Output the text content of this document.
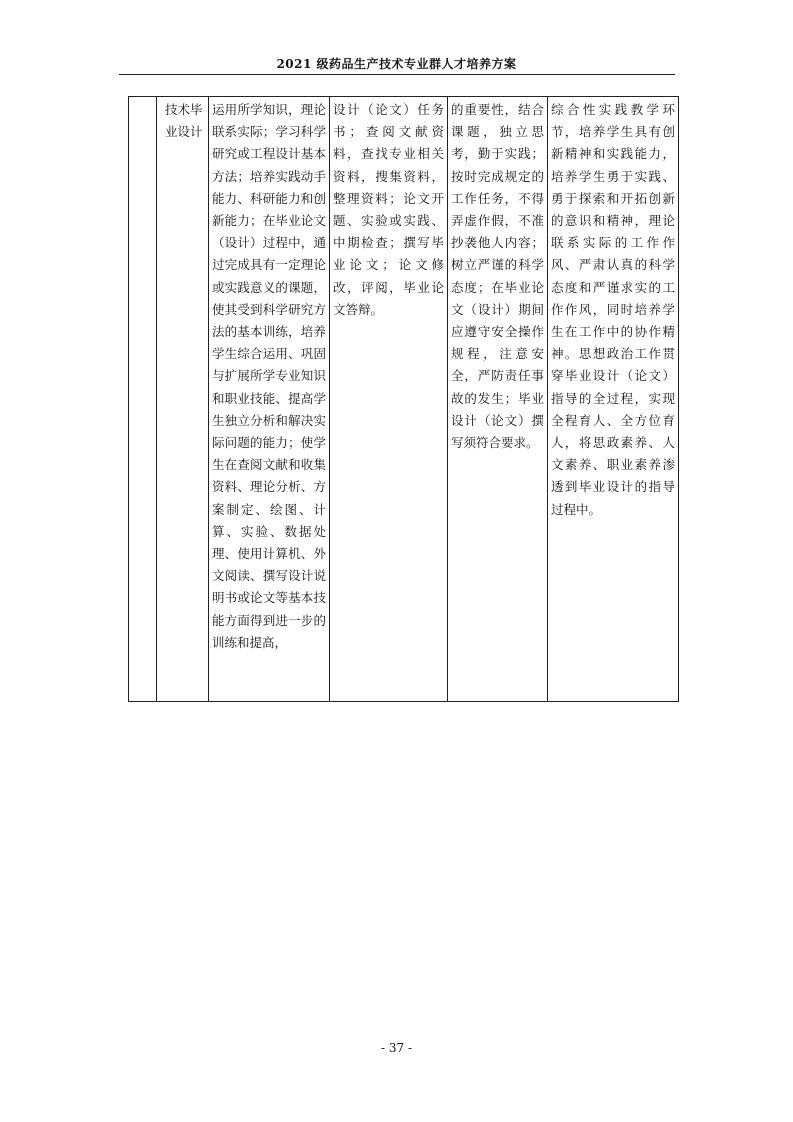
2021 级药品生产技术专业群人才培养方案
	技术毕业设计	运用所学知识，理论联系实际；学习科学研究或工程设计基本方法；培养实践动手能力、科研能力和创新能力；在毕业论文（设计）过程中，通过完成具有一定理论或实践意义的课题，使其受到科学研究方法的基本训练，培养学生综合运用、巩固与扩展所学专业知识和职业技能、提高学生独立分析和解决实际问题的能力；使学生在查阅文献和收集资料、理论分析、方案制定、绘图、计算、实验、数据处理、使用计算机、外文阅读、撰写设计说明书或论文等基本技能方面得到进一步的训练和提高，	设计（论文）任务书；查阅文献资料，查找专业相关资料，搜集资料，整理资料；论文开题、实验或实践、中期检查；撰写毕业论文；论文修改，评阅，毕业论文答辩。	的重要性，结合课题，独立思考，勤于实践；按时完成规定的工作任务，不得弄虚作假，不准抄袭他人内容；树立严谨的科学态度；在毕业论文（设计）期间应遵守安全操作规程，注意安全，严防责任事故的发生；毕业设计（论文）撰写须符合要求。	综合性实践教学环节，培养学生具有创新精神和实践能力，培养学生勇于实践、勇于探索和开拓创新的意识和精神，理论联系实际的工作作风、严肃认真的科学态度和严谨求实的工作作风，同时培养学生在工作中的协作精神。思想政治工作贯穿毕业设计（论文）指导的全过程，实现全程育人、全方位育人，将思政素养、人文素养、职业素养渗透到毕业设计的指导过程中。
- 37 -
